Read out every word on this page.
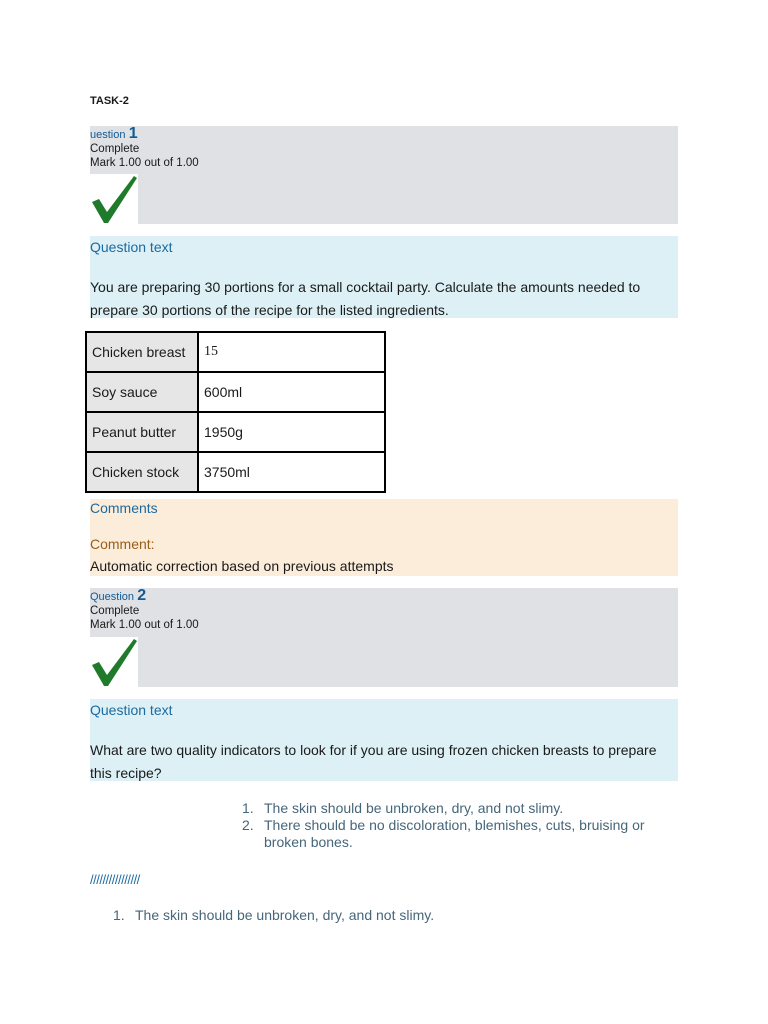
TASK-2
uestion 1
Complete
Mark 1.00 out of 1.00
Question text
You are preparing 30 portions for a small cocktail party. Calculate the amounts needed to prepare 30 portions of the recipe for the listed ingredients.
Chicken breast	15
Soy sauce	600ml
Peanut butter	1950g
Chicken stock	3750ml
Comments
Comment:
Automatic correction based on previous attempts
Question 2
Complete
Mark 1.00 out of 1.00
Question text
What are two quality indicators to look for if you are using frozen chicken breasts to prepare this recipe?
1. The skin should be unbroken, dry, and not slimy.
2. There should be no discoloration, blemishes, cuts, bruising or broken bones.
////////////////
1. The skin should be unbroken, dry, and not slimy.
